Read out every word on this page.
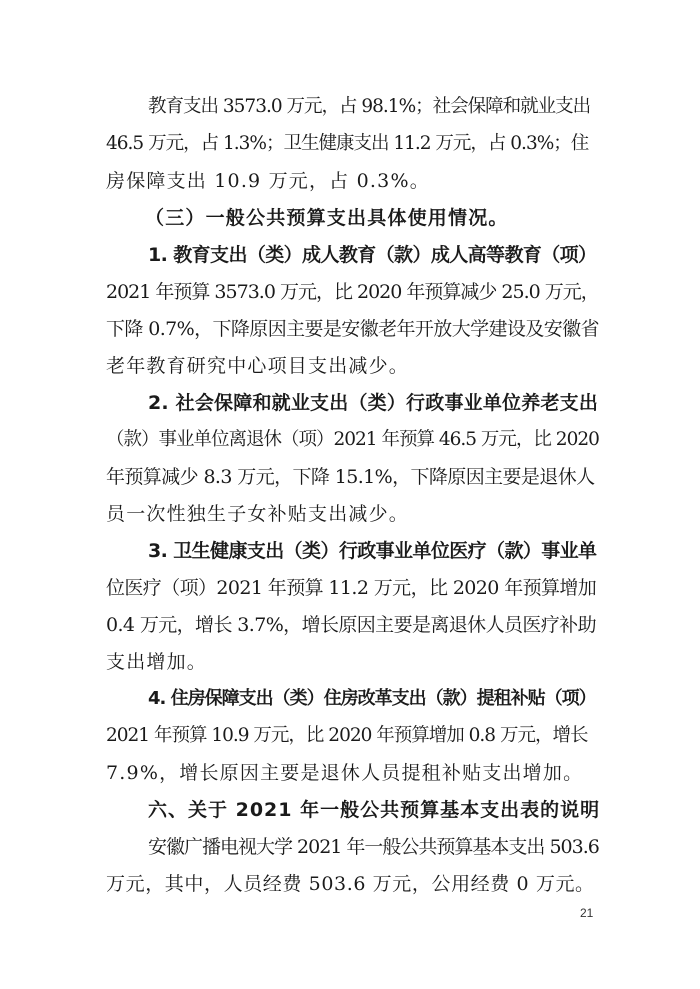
教育支出 3573.0 万元，占 98.1%；社会保障和就业支出
46.5 万元，占 1.3%；卫生健康支出 11.2 万元，占 0.3%；住
房保障支出 10.9 万元，占 0.3%。
（三）一般公共预算支出具体使用情况。
1. 教育支出（类）成人教育（款）成人高等教育（项）
2021 年预算 3573.0 万元，比 2020 年预算减少 25.0 万元，
下降 0.7%，下降原因主要是安徽老年开放大学建设及安徽省
老年教育研究中心项目支出减少。
2. 社会保障和就业支出（类）行政事业单位养老支出
（款）事业单位离退休（项）2021 年预算 46.5 万元，比 2020
年预算减少 8.3 万元，下降 15.1%，下降原因主要是退休人
员一次性独生子女补贴支出减少。
3. 卫生健康支出（类）行政事业单位医疗（款）事业单
位医疗（项）2021 年预算 11.2 万元，比 2020 年预算增加
0.4 万元，增长 3.7%，增长原因主要是离退休人员医疗补助
支出增加。
4. 住房保障支出（类）住房改革支出（款）提租补贴（项）
2021 年预算 10.9 万元，比 2020 年预算增加 0.8 万元，增长
7.9%，增长原因主要是退休人员提租补贴支出增加。
六、关于 2021 年一般公共预算基本支出表的说明
安徽广播电视大学 2021 年一般公共预算基本支出 503.6
万元，其中，人员经费 503.6 万元，公用经费 0 万元。
21
